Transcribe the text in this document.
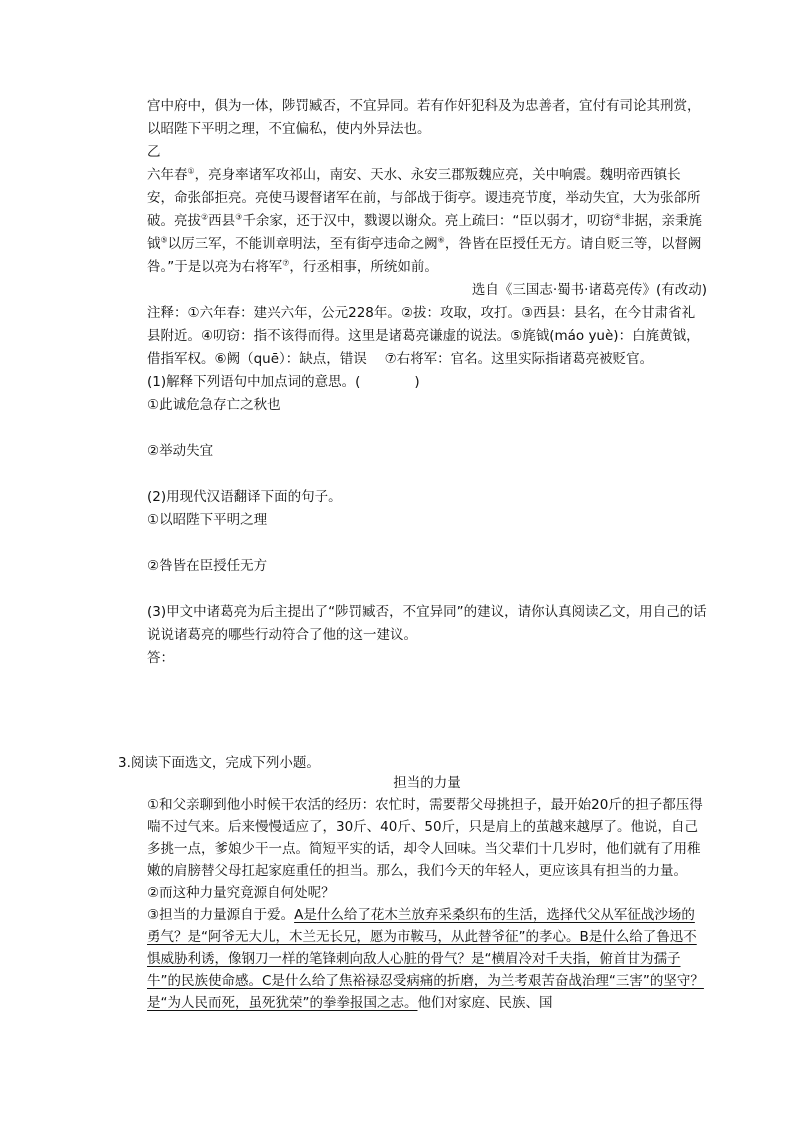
宫中府中，俱为一体，陟罚臧否，不宜异同。若有作奸犯科及为忠善者，宜付有司论其刑赏，以昭陛下平明之理，不宜偏私，使内外异法也。

乙

六年春①，亮身率诸军攻祁山，南安、天水、永安三郡叛魏应亮，关中响震。魏明帝西镇长安，命张郃拒亮。亮使马谡督诸军在前，与郃战于街亭。谡违亮节度，举动失宜，大为张郃所破。亮拔②西县③千余家，还于汉中，戮谡以谢众。亮上疏曰：“臣以弱才，叨窃④非据，亲秉旄钺⑤以厉三军，不能训章明法，至有街亭违命之阙⑥，咎皆在臣授任无方。请自贬三等，以督阙咎。”于是以亮为右将军⑦，行丞相事，所统如前。

选自《三国志·蜀书·诸葛亮传》(有改动)

注释：①六年春：建兴六年，公元228年。②拔：攻取，攻打。③西县：县名，在今甘肃省礼县附近。④叨窃：指不该得而得。这里是诸葛亮谦虚的说法。⑤旄钺(máo yuè)：白旄黄钺，借指军权。⑥阙（quē）：缺点，错误　 ⑦右将军：官名。这里实际指诸葛亮被贬官。

(1)解释下列语句中加点词的意思。(　　　　)

①此诚危急存亡之秋也

②举动失宜

(2)用现代汉语翻译下面的句子。

①以昭陛下平明之理

②咎皆在臣授任无方

(3)甲文中诸葛亮为后主提出了“陟罚臧否，不宜异同”的建议，请你认真阅读乙文，用自己的话说说诸葛亮的哪些行动符合了他的这一建议。

答：

3.阅读下面选文，完成下列小题。

担当的力量

①和父亲聊到他小时候干农活的经历：农忙时，需要帮父母挑担子，最开始20斤的担子都压得喘不过气来。后来慢慢适应了，30斤、40斤、50斤，只是肩上的茧越来越厚了。他说，自己多挑一点，爹娘少干一点。简短平实的话，却令人回味。当父辈们十几岁时，他们就有了用稚嫩的肩膀替父母扛起家庭重任的担当。那么，我们今天的年轻人，更应该具有担当的力量。

②而这种力量究竟源自何处呢？

③担当的力量源自于爱。A是什么给了花木兰放弃采桑织布的生活，选择代父从军征战沙场的勇气？是“阿爷无大儿，木兰无长兄，愿为市鞍马，从此替爷征”的孝心。B是什么给了鲁迅不惧威胁利诱，像钢刀一样的笔锋刺向敌人心脏的骨气？是“横眉冷对千夫指，俯首甘为孺子牛”的民族使命感。C是什么给了焦裕禄忍受病痛的折磨，为兰考艰苦奋战治理“三害”的坚守？是“为人民而死，虽死犹荣”的拳拳报国之志。他们对家庭、民族、国
